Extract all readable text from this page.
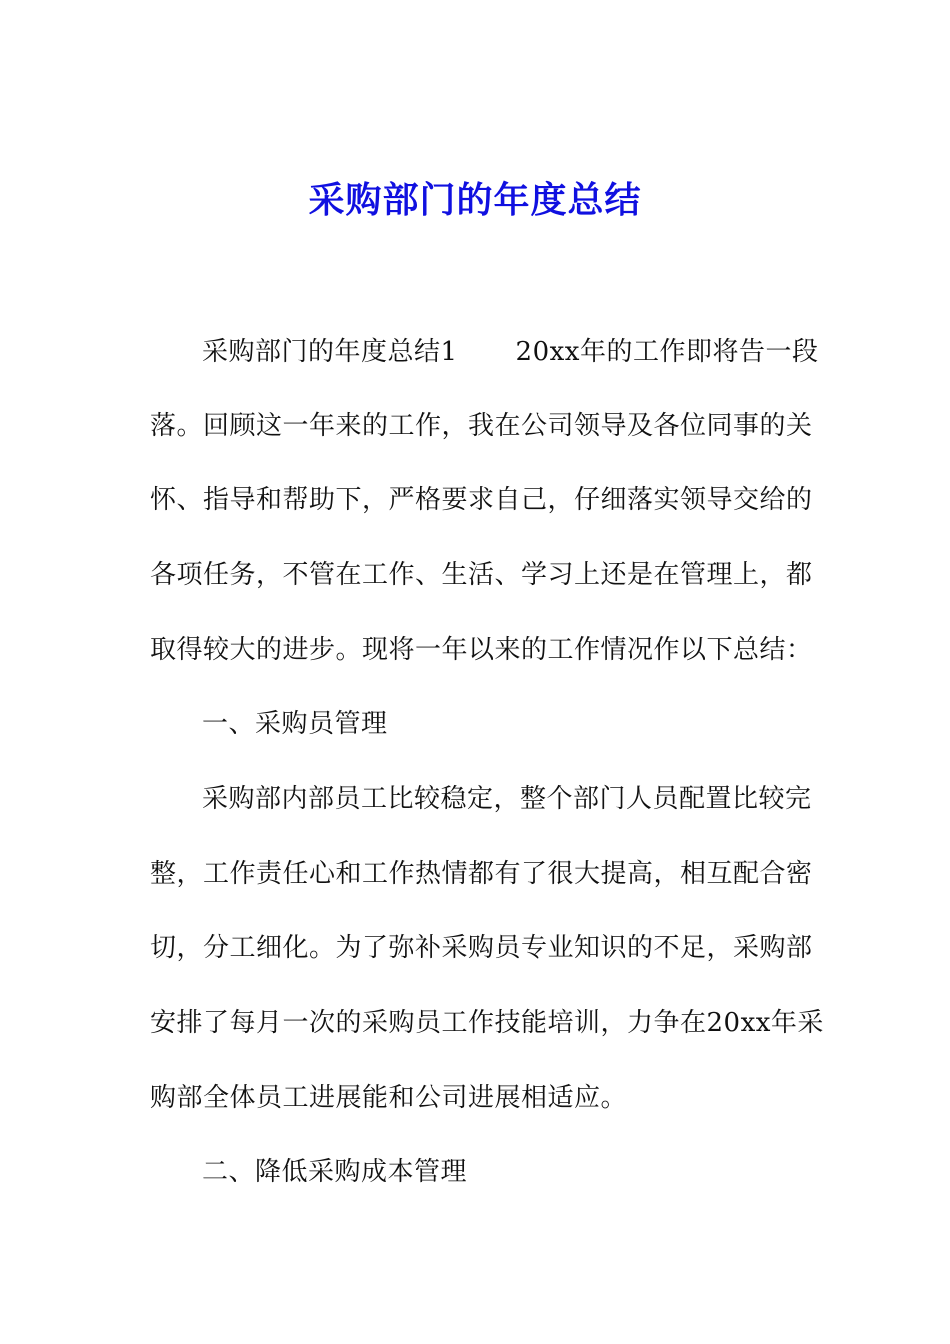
采购部门的年度总结
采购部门的年度总结1 20xx年的工作即将告一段
落。回顾这一年来的工作，我在公司领导及各位同事的关
怀、指导和帮助下，严格要求自己，仔细落实领导交给的
各项任务，不管在工作、生活、学习上还是在管理上，都
取得较大的进步。现将一年以来的工作情况作以下总结：
一、采购员管理
采购部内部员工比较稳定，整个部门人员配置比较完
整，工作责任心和工作热情都有了很大提高，相互配合密
切，分工细化。为了弥补采购员专业知识的不足，采购部
安排了每月一次的采购员工作技能培训，力争在20xx年采
购部全体员工进展能和公司进展相适应。
二、降低采购成本管理
